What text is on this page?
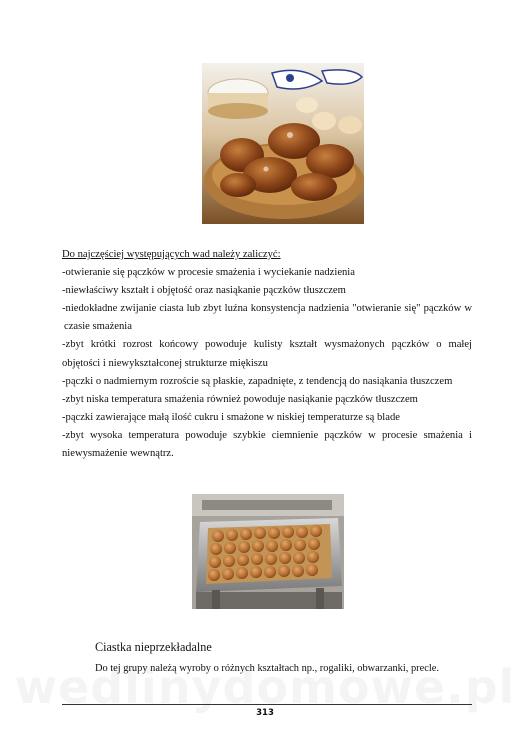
Do najczęściej występujących wad należy zaliczyć:
-otwieranie się pączków w procesie smażenia i wyciekanie nadzienia
-niewłaściwy kształt i objętość oraz nasiąkanie pączków tłuszczem
-niedokładne zwijanie ciasta lub zbyt luźna konsystencja nadzienia "otwieranie się" pączków w
czasie smażenia
-zbyt krótki rozrost końcowy powoduje kulisty kształt wysmażonych pączków o małej
objętości i niewykształconej strukturze miękiszu
-pączki o nadmiernym rozroście są płaskie, zapadnięte, z tendencją do nasiąkania tłuszczem
-zbyt niska temperatura smażenia również powoduje nasiąkanie pączków tłuszczem
-pączki zawierające małą ilość cukru i smażone w niskiej temperaturze są blade
-zbyt wysoka temperatura powoduje szybkie ciemnienie pączków w procesie smażenia i
niewysmażenie wewnątrz.
Ciastka nieprzekładalne
Do tej grupy należą wyroby o różnych kształtach np., rogaliki, obwarzanki, precle.
313
